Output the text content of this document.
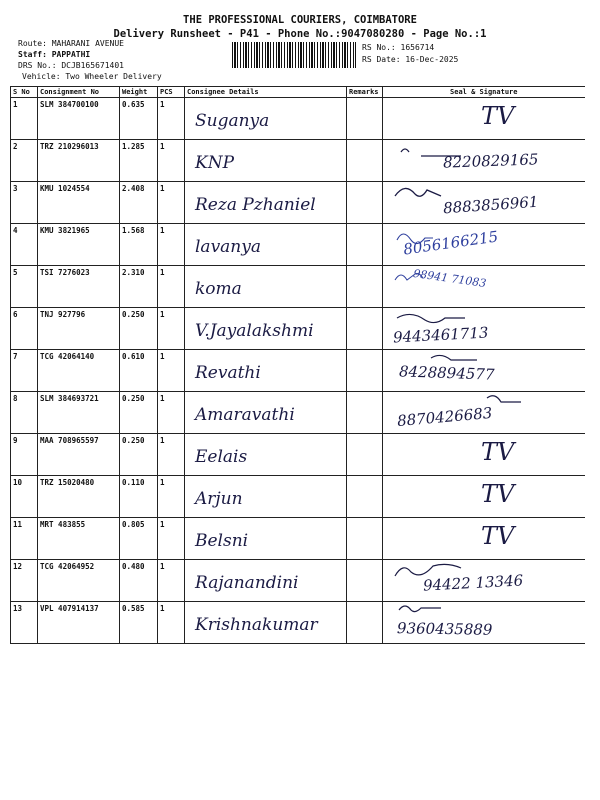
THE PROFESSIONAL COURIERS, COIMBATORE
Delivery Runsheet - P41 - Phone No.:9047080280 - Page No.:1
Route: MAHARANI AVENUE
Staff: PAPPATHI
DRS No.: DCJB165671401
Vehicle: Two Wheeler Delivery
RS No.: 1656714
RS Date: 16-Dec-2025
S No	Consignment No	Weight	PCS	Consignee Details	Remarks	Seal & Signature
1	SLM 384700100	0.635	1	Suganya		TV

2	TRZ 210296013	1.285	1	KNP		8220829165

3	KMU 1024554	2.408	1	Reza Pzhaniel		8883856961

4	KMU 3821965	1.568	1	lavanya		8056166215

5	TSI 7276023	2.310	1	koma		98941 71083

6	TNJ 927796	0.250	1	V.Jayalakshmi		9443461713

7	TCG 42064140	0.610	1	Revathi		8428894577

8	SLM 384693721	0.250	1	Amaravathi		8870426683

9	MAA 708965597	0.250	1	Eelais		TV

10	TRZ 15020480	0.110	1	Arjun		TV

11	MRT 483855	0.805	1	Belsni		TV

12	TCG 42064952	0.480	1	Rajanandini		94422 13346

13	VPL 407914137	0.585	1	Krishnakumar		9360435889
